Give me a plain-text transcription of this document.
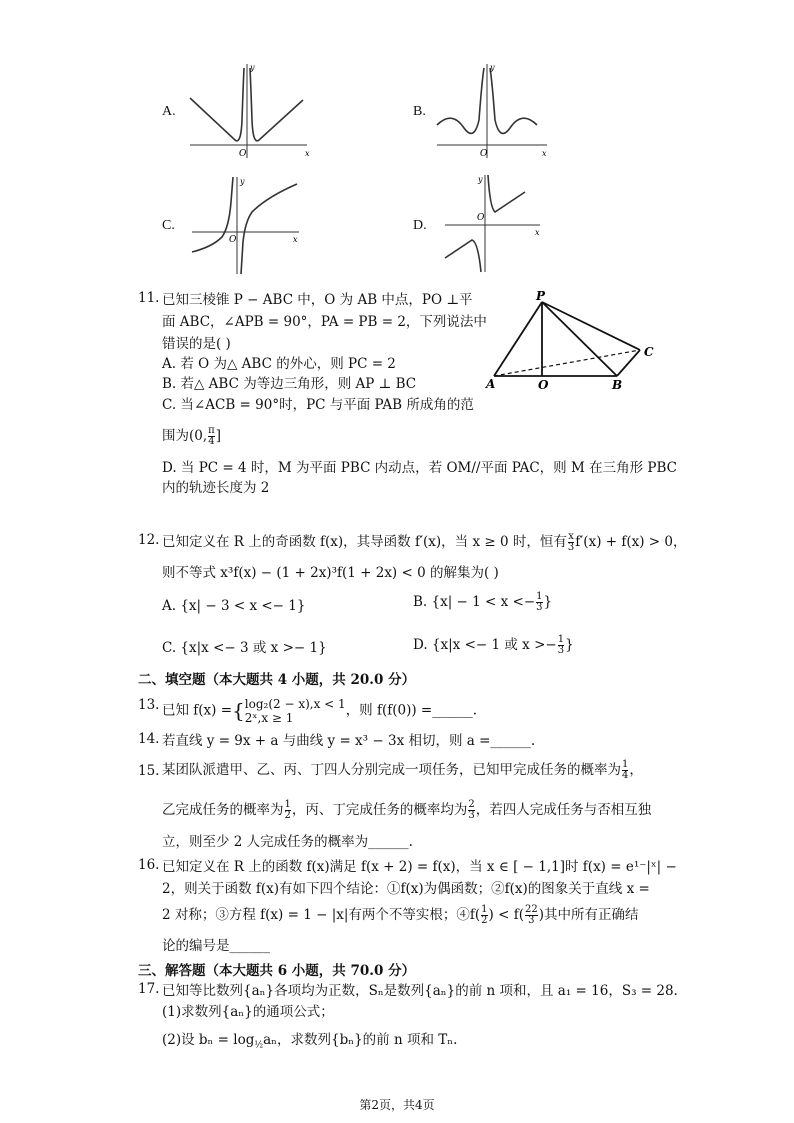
A.
O	x
y
B.
O	x
y
C.
O	x
y
D.	O
x
y
11. 已知三棱锥 P − ABC 中，O 为 AB 中点，PO ⊥平
面 ABC，∠APB = 90°，PA = PB = 2，下列说法中
错误的是( )
A. 若 O 为△ ABC 的外心，则 PC = 2
B. 若△ ABC 为等边三角形，则 AP ⊥ BC
C. 当∠ACB = 90°时，PC 与平面 PAB 所成角的范
围为(0, $\frac{\pi}{4}$ ]
D. 当 PC = 4 时，M 为平面 PBC 内动点，若 OM//平面 PAC，则 M 在三角形 PBC
内的轨迹长度为 2
P
A	O	B
C
12. 已知定义在 R 上的奇函数 f(x)，其导函数 f′(x)，当 x ≥ 0 时，恒有 $\frac{x}{3} f'(x) + f(x) > 0$，
则不等式 x³f(x) − (1 + 2x)³f(1 + 2x) < 0 的解集为( )
A. {x| − 3 < x <− 1}	B. {$x| - 1 < x <- \frac{1}{3}$ }
C. {x|x <− 3 或 x >− 1}	D. {x|x <− 1 或 $x >- \frac{1}{3}$ }
二、填空题（本大题共 4 小题，共 20.0 分）
13. 已知 f(x) ={ log₂(2 − x),x < 1
2ˣ,x ≥ 1	，则 f(f(0)) =______.
14. 若直线 y = 9x + a 与曲线 y = x³ − 3x 相切，则 a =______.
15. 某团队派遣甲、乙、丙、丁四人分别完成一项任务，已知甲完成任务的概率为 $\frac{1}{4}$ ，
乙完成任务的概率为 $\frac{1}{2}$ ，丙、丁完成任务的概率均为 $\frac{2}{3}$ ，若四人完成任务与否相互独
立，则至少 2 人完成任务的概率为______.
16. 已知定义在 R 上的函数 f(x)满足 f(x + 2) = f(x)，当 x ∈ [ − 1,1]时 f(x) = e¹⁻|ˣ| −
2，则关于函数 f(x)有如下四个结论：①f(x)为偶函数；②f(x)的图象关于直线 x =
2 对称；③方程 f(x) = 1 − |x|有两个不等实根；④f( $\frac{1}{2}$ ) < $f( \frac{22}{3}$ )其中所有正确结
论的编号是______
三、解答题（本大题共 6 小题，共 70.0 分）
17. 已知等比数列{aₙ}各项均为正数，Sₙ是数列{aₙ}的前 n 项和，且 a₁ = 16，S₃ = 28.
(1)求数列{aₙ}的通项公式；
(2)设 $b_n = \log_{\frac{1}{2}}a_n$，求数列{bₙ}的前 n 项和 Tₙ.
第2页，共4页
